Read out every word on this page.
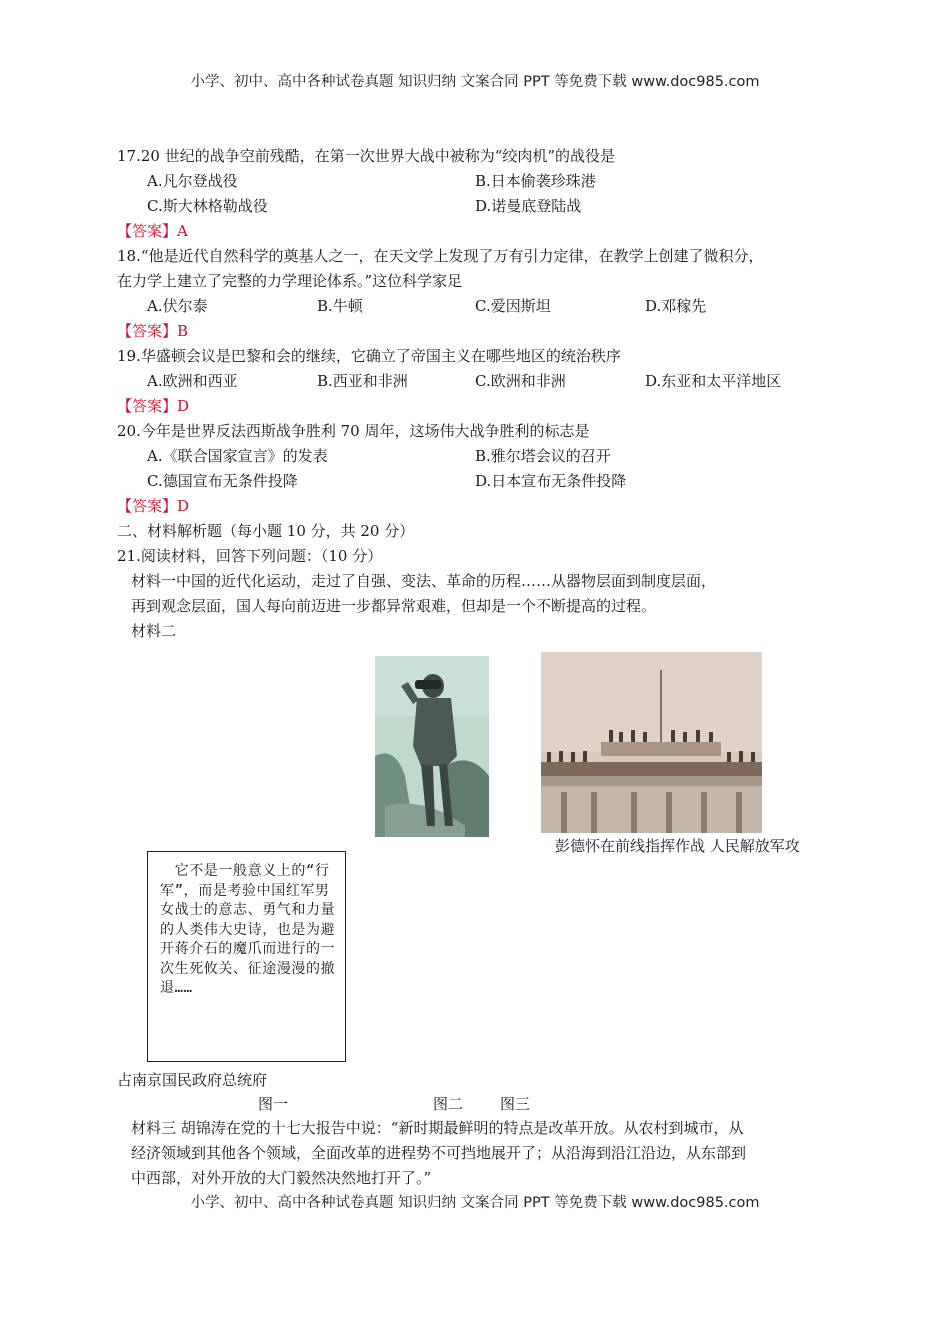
小学、初中、高中各种试卷真题 知识归纳 文案合同 PPT 等免费下载 www.doc985.com
小学、初中、高中各种试卷真题 知识归纳 文案合同 PPT 等免费下载 www.doc985.com
17.20 世纪的战争空前残酷，在第一次世界大战中被称为“绞肉机”的战役是
A.凡尔登战役	B.日本偷袭珍珠港
C.斯大林格勒战役	D.诺曼底登陆战
【答案】A
18.“他是近代自然科学的奠基人之一，在天文学上发现了万有引力定律，在教学上创建了微积分，
在力学上建立了完整的力学理论体系。”这位科学家足
A.伏尔泰	B.牛顿	C.爱因斯坦	D.邓稼先
【答案】B
19.华盛顿会议是巴黎和会的继续，它确立了帝国主义在哪些地区的统治秩序
A.欧洲和西亚	B.西亚和非洲	C.欧洲和非洲	D.东亚和太平洋地区
【答案】D
20.今年是世界反法西斯战争胜利 70 周年，这场伟大战争胜利的标志是
A.《联合国家宣言》的发表	B.雅尔塔会议的召开
C.德国宣布无条件投降	D.日本宣布无条件投降
【答案】D
二、材料解析题（每小题 10 分，共 20 分）
21.阅读材料，回答下列问题：（10 分）
材料一中国的近代化运动，走过了自强、变法、革命的历程……从器物层面到制度层面，
再到观念层面，国人每向前迈进一步都异常艰难，但却是一个不断提高的过程。
材料二
彭德怀在前线指挥作战 人民解放军攻
　它不是一般意义上的“行军”，而是考验中国红军男女战士的意志、勇气和力量的人类伟大史诗，也是为避开蒋介石的魔爪而进行的一次生死攸关、征途漫漫的撤退……
占南京国民政府总统府
图一	图二 图三
材料三 胡锦涛在党的十七大报告中说：“新时期最鲜明的特点是改革开放。从农村到城市，从
经济领域到其他各个领域，全面改革的进程势不可挡地展开了；从沿海到沿江沿边，从东部到
中西部，对外开放的大门毅然决然地打开了。”
